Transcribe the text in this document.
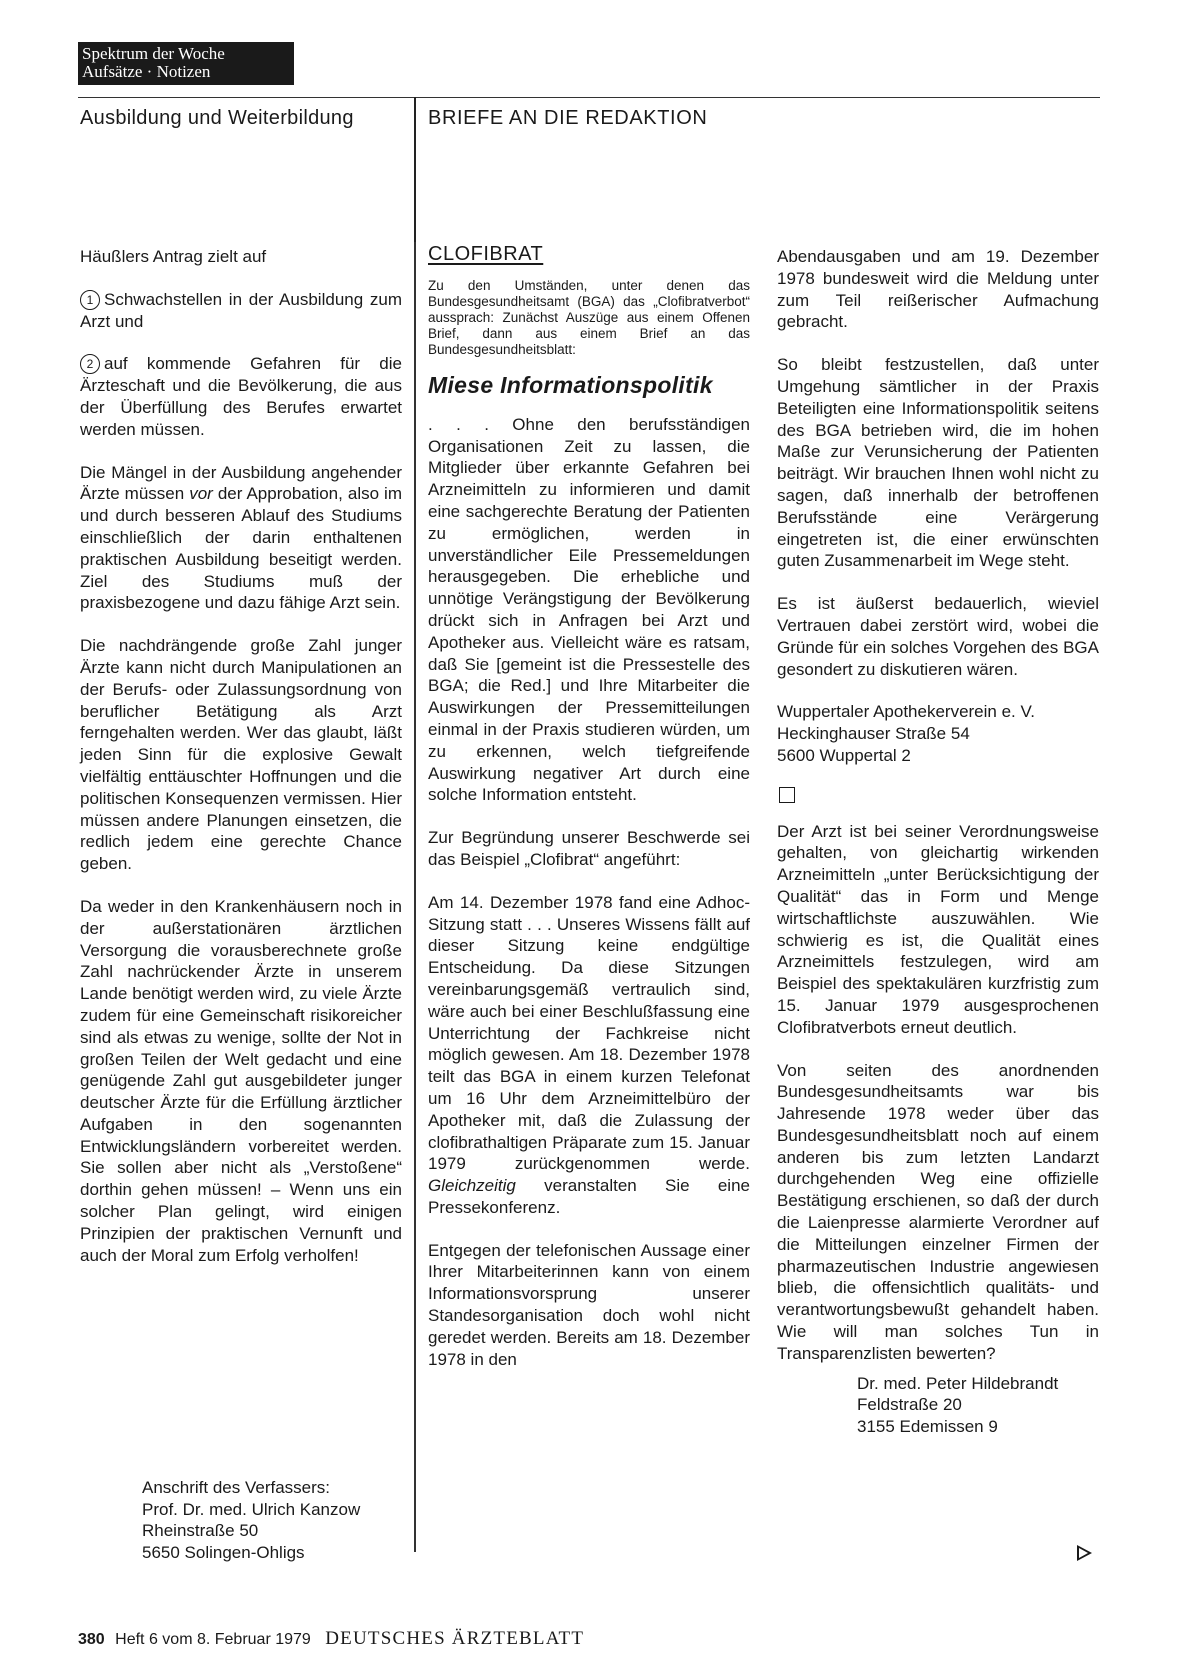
Spektrum der Woche
Aufsätze · Notizen
Ausbildung und Weiterbildung	BRIEFE AN DIE REDAKTION

Häußlers Antrag zielt auf

1 Schwachstellen in der Ausbildung zum Arzt und

2 auf kommende Gefahren für die Ärzteschaft und die Bevölkerung, die aus der Überfüllung des Berufes erwartet werden müssen.

Die Mängel in der Ausbildung angehender Ärzte müssen vor der Approbation, also im und durch besseren Ablauf des Studiums einschließlich der darin enthaltenen praktischen Ausbildung beseitigt werden. Ziel des Studiums muß der praxisbezogene und dazu fähige Arzt sein.

Die nachdrängende große Zahl junger Ärzte kann nicht durch Manipulationen an der Berufs- oder Zulassungsordnung von beruflicher Betätigung als Arzt ferngehalten werden. Wer das glaubt, läßt jeden Sinn für die explosive Gewalt vielfältig enttäuschter Hoffnungen und die politischen Konsequenzen vermissen. Hier müssen andere Planungen einsetzen, die redlich jedem eine gerechte Chance geben.

Da weder in den Krankenhäusern noch in der außerstationären ärztlichen Versorgung die vorausberechnete große Zahl nachrückender Ärzte in unserem Lande benötigt werden wird, zu viele Ärzte zudem für eine Gemeinschaft risikoreicher sind als etwas zu wenige, sollte der Not in großen Teilen der Welt gedacht und eine genügende Zahl gut ausgebildeter junger deutscher Ärzte für die Erfüllung ärztlicher Aufgaben in den sogenannten Entwicklungsländern vorbereitet werden. Sie sollen aber nicht als „Verstoßene“ dorthin gehen müssen! – Wenn uns ein solcher Plan gelingt, wird einigen Prinzipien der praktischen Vernunft und auch der Moral zum Erfolg verholfen!

Anschrift des Verfassers:
Prof. Dr. med. Ulrich Kanzow
Rheinstraße 50
5650 Solingen-Ohligs
CLOFIBRAT

Zu den Umständen, unter denen das Bundesgesundheitsamt (BGA) das „Clofibratverbot“ aussprach: Zunächst Auszüge aus einem Offenen Brief, dann aus einem Brief an das Bundesgesundheitsblatt:

Miese Informationspolitik

. . . Ohne den berufsständigen Organisationen Zeit zu lassen, die Mitglieder über erkannte Gefahren bei Arzneimitteln zu informieren und damit eine sachgerechte Beratung der Patienten zu ermöglichen, werden in unverständlicher Eile Pressemeldungen herausgegeben. Die erhebliche und unnötige Verängstigung der Bevölkerung drückt sich in Anfragen bei Arzt und Apotheker aus. Vielleicht wäre es ratsam, daß Sie [gemeint ist die Pressestelle des BGA; die Red.] und Ihre Mitarbeiter die Auswirkungen der Pressemitteilungen einmal in der Praxis studieren würden, um zu erkennen, welch tiefgreifende Auswirkung negativer Art durch eine solche Information entsteht.

Zur Begründung unserer Beschwerde sei das Beispiel „Clofibrat“ angeführt:

Am 14. Dezember 1978 fand eine Adhoc-Sitzung statt . . . Unseres Wissens fällt auf dieser Sitzung keine endgültige Entscheidung. Da diese Sitzungen vereinbarungsgemäß vertraulich sind, wäre auch bei einer Beschlußfassung eine Unterrichtung der Fachkreise nicht möglich gewesen. Am 18. Dezember 1978 teilt das BGA in einem kurzen Telefonat um 16 Uhr dem Arzneimittelbüro der Apotheker mit, daß die Zulassung der clofibrathaltigen Präparate zum 15. Januar 1979 zurückgenommen werde. Gleichzeitig veranstalten Sie eine Pressekonferenz.

Entgegen der telefonischen Aussage einer Ihrer Mitarbeiterinnen kann von einem Informationsvorsprung unserer Standesorganisation doch wohl nicht geredet werden. Bereits am 18. Dezember 1978 in den

Abendausgaben und am 19. Dezember 1978 bundesweit wird die Meldung unter zum Teil reißerischer Aufmachung gebracht.

So bleibt festzustellen, daß unter Umgehung sämtlicher in der Praxis Beteiligten eine Informationspolitik seitens des BGA betrieben wird, die im hohen Maße zur Verunsicherung der Patienten beiträgt. Wir brauchen Ihnen wohl nicht zu sagen, daß innerhalb der betroffenen Berufsstände eine Verärgerung eingetreten ist, die einer erwünschten guten Zusammenarbeit im Wege steht.

Es ist äußerst bedauerlich, wieviel Vertrauen dabei zerstört wird, wobei die Gründe für ein solches Vorgehen des BGA gesondert zu diskutieren wären.

Wuppertaler Apothekerverein e. V.
Heckinghauser Straße 54
5600 Wuppertal 2

Der Arzt ist bei seiner Verordnungsweise gehalten, von gleichartig wirkenden Arzneimitteln „unter Berücksichtigung der Qualität“ das in Form und Menge wirtschaftlichste auszuwählen. Wie schwierig es ist, die Qualität eines Arzneimittels festzulegen, wird am Beispiel des spektakulären kurzfristig zum 15. Januar 1979 ausgesprochenen Clofibratverbots erneut deutlich.

Von seiten des anordnenden Bundesgesundheitsamts war bis Jahresende 1978 weder über das Bundesgesundheitsblatt noch auf einem anderen bis zum letzten Landarzt durchgehenden Weg eine offizielle Bestätigung erschienen, so daß der durch die Laienpresse alarmierte Verordner auf die Mitteilungen einzelner Firmen der pharmazeutischen Industrie angewiesen blieb, die offensichtlich qualitäts- und verantwortungsbewußt gehandelt haben. Wie will man solches Tun in Transparenzlisten bewerten?

Dr. med. Peter Hildebrandt
Feldstraße 20
3155 Edemissen 9
380 Heft 6 vom 8. Februar 1979 DEUTSCHES ÄRZTEBLATT
